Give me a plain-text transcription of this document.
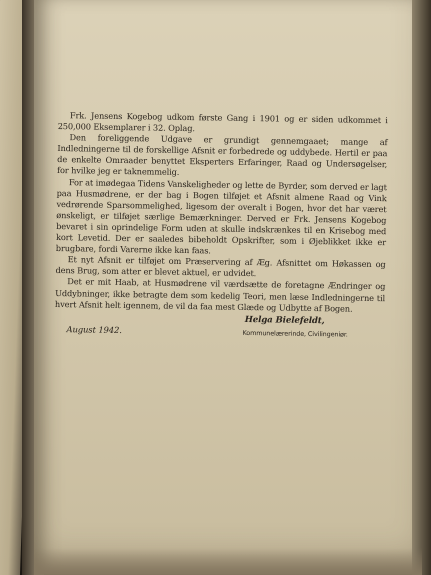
Frk. Jensens Kogebog udkom første Gang i 1901 og er siden udkommet i 250,000 Eksemplarer i 32. Oplag.

Den foreliggende Udgave er grundigt gennemgaaet; mange af Indledningerne til de forskellige Afsnit er forbedrede og uddybede. Hertil er paa de enkelte Omraader benyttet Eksperters Erfaringer, Raad og Undersøgelser, for hvilke jeg er taknemmelig.

For at imødegaa Tidens Vanskeligheder og lette de Byrder, som derved er lagt paa Husmødrene, er der bag i Bogen tilføjet et Afsnit almene Raad og Vink vedrørende Sparsommelighed, ligesom der overalt i Bogen, hvor det har været ønskeligt, er tilføjet særlige Bemærkninger. Derved er Frk. Jensens Kogebog bevaret i sin oprindelige Form uden at skulle indskrænkes til en Krisebog med kort Levetid. Der er saaledes bibeholdt Opskrifter, som i Øjeblikket ikke er brugbare, fordi Varerne ikke kan faas.

Et nyt Afsnit er tilføjet om Præservering af Æg. Afsnittet om Høkassen og dens Brug, som atter er blevet aktuel, er udvidet.

Det er mit Haab, at Husmødrene vil værdsætte de foretagne Ændringer og Uddybninger, ikke betragte dem som kedelig Teori, men læse Indledningerne til hvert Afsnit helt igennem, de vil da faa mest Glæde og Udbytte af Bogen.

August 1942.
Helga Bielefeldt,
Kommunelærerinde, Civilingeniør.
